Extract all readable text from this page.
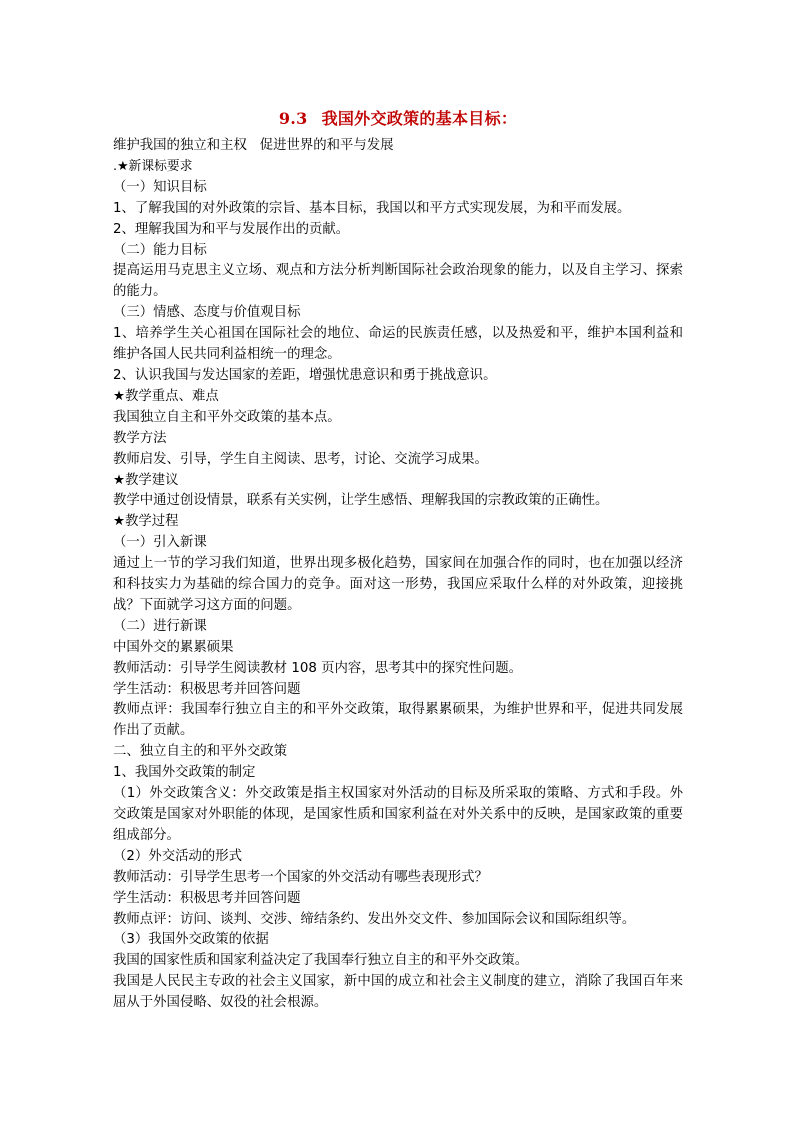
9.3 我国外交政策的基本目标：

维护我国的独立和主权   促进世界的和平与发展

.★新课标要求

（一）知识目标

1、了解我国的对外政策的宗旨、基本目标，我国以和平方式实现发展，为和平而发展。

2、理解我国为和平与发展作出的贡献。

（二）能力目标

提高运用马克思主义立场、观点和方法分析判断国际社会政治现象的能力，以及自主学习、探索的能力。

（三）情感、态度与价值观目标

1、培养学生关心祖国在国际社会的地位、命运的民族责任感，以及热爱和平，维护本国利益和维护各国人民共同利益相统一的理念。

2、认识我国与发达国家的差距，增强忧患意识和勇于挑战意识。

★教学重点、难点

我国独立自主和平外交政策的基本点。

教学方法

教师启发、引导，学生自主阅读、思考，讨论、交流学习成果。

★教学建议

教学中通过创设情景，联系有关实例，让学生感悟、理解我国的宗教政策的正确性。

★教学过程

（一）引入新课

通过上一节的学习我们知道，世界出现多极化趋势，国家间在加强合作的同时，也在加强以经济和科技实力为基础的综合国力的竞争。面对这一形势，我国应采取什么样的对外政策，迎接挑战？下面就学习这方面的问题。

（二）进行新课

中国外交的累累硕果

教师活动：引导学生阅读教材 108 页内容，思考其中的探究性问题。

学生活动：积极思考并回答问题

教师点评：我国奉行独立自主的和平外交政策，取得累累硕果，为维护世界和平，促进共同发展作出了贡献。

二、独立自主的和平外交政策

1、我国外交政策的制定

（1）外交政策含义：外交政策是指主权国家对外活动的目标及所采取的策略、方式和手段。外交政策是国家对外职能的体现，是国家性质和国家利益在对外关系中的反映，是国家政策的重要组成部分。

（2）外交活动的形式

教师活动：引导学生思考一个国家的外交活动有哪些表现形式？

学生活动：积极思考并回答问题

教师点评：访问、谈判、交涉、缔结条约、发出外交文件、参加国际会议和国际组织等。

（3）我国外交政策的依据

我国的国家性质和国家利益决定了我国奉行独立自主的和平外交政策。

我国是人民民主专政的社会主义国家，新中国的成立和社会主义制度的建立，消除了我国百年来屈从于外国侵略、奴役的社会根源。
